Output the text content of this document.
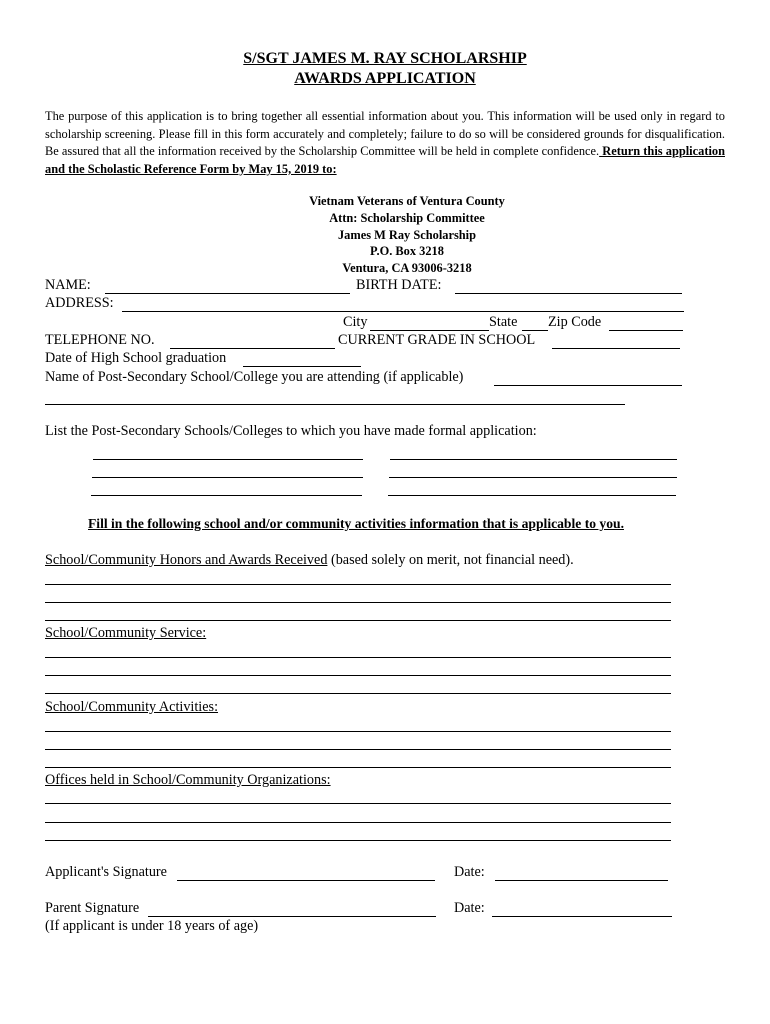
S/SGT JAMES M. RAY SCHOLARSHIP
AWARDS APPLICATION
The purpose of this application is to bring together all essential information about you. This information will be used only in regard to scholarship screening. Please fill in this form accurately and completely; failure to do so will be considered grounds for disqualification. Be assured that all the information received by the Scholarship Committee will be held in complete confidence. Return this application and the Scholastic Reference Form by May 15, 2019 to:
Vietnam Veterans of Ventura County
Attn: Scholarship Committee
James M Ray Scholarship
P.O. Box 3218
Ventura, CA 93006-3218
NAME:	BIRTH DATE:
ADDRESS:
City	State Zip Code
TELEPHONE NO.	CURRENT GRADE IN SCHOOL
Date of High School graduation
Name of Post-Secondary School/College you are attending (if applicable)
List the Post-Secondary Schools/Colleges to which you have made formal application:
Fill in the following school and/or community activities information that is applicable to you.
School/Community Honors and Awards Received (based solely on merit, not financial need).
School/Community Service:
School/Community Activities:
Offices held in School/Community Organizations:
Applicant's Signature	Date:
Parent Signature	Date:
(If applicant is under 18 years of age)
